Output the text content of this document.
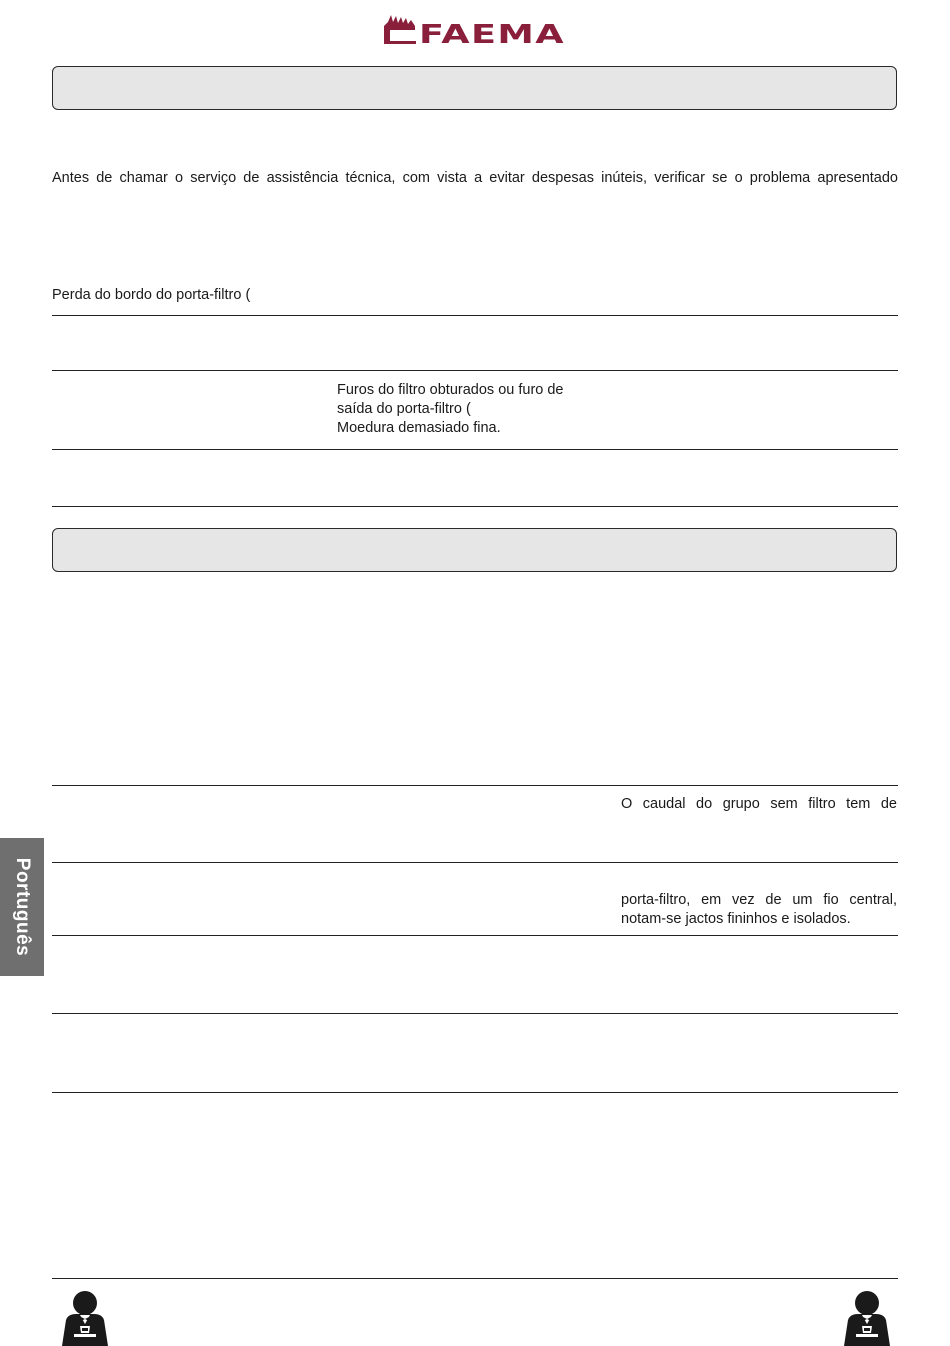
FAEMA
Antes de chamar o serviço de assistência técnica, com vista a evitar despesas inúteis, verificar se o problema apresentado
Perda do bordo do porta-filtro (
Furos do filtro obturados ou furo de
saída do porta-filtro (
Moedura demasiado fina.
O caudal do grupo sem filtro tem de
porta-filtro, em vez de um fio central,
notam-se jactos fininhos e isolados.
Português
